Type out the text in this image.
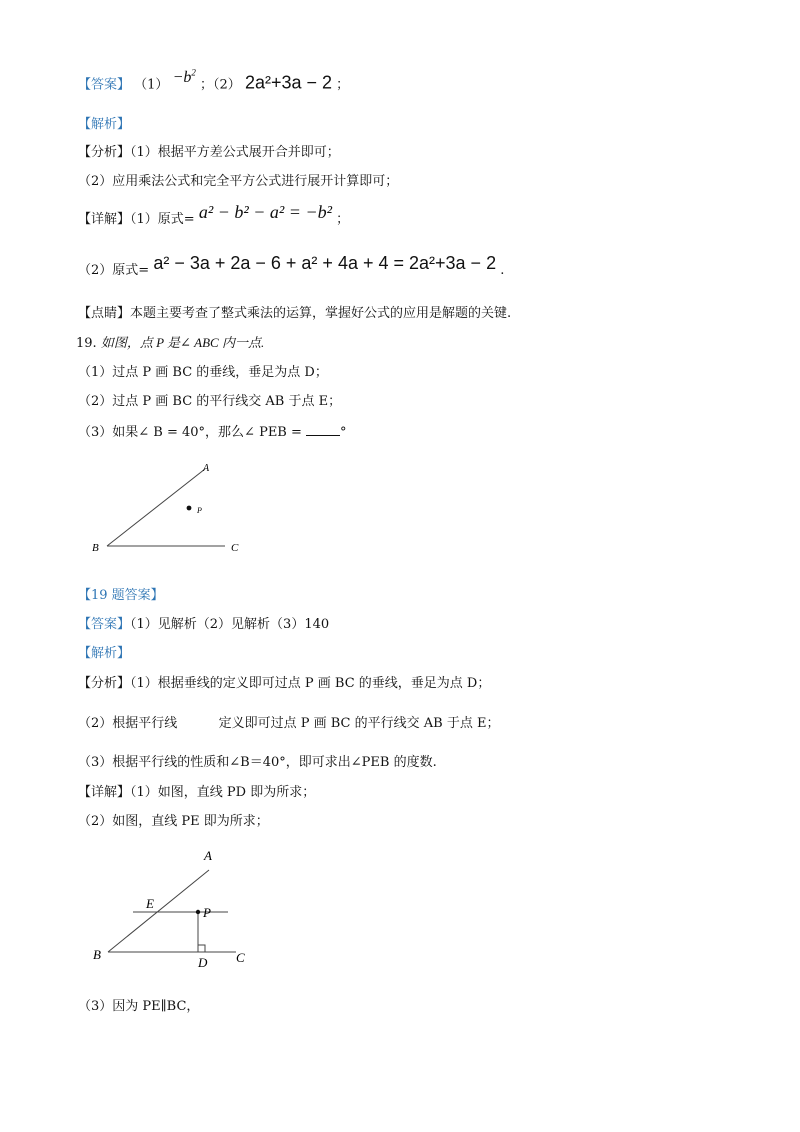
【答案】 $(1) -b^2$ ；（2） 2a²+3a − 2 ；
【解析】
【分析】（1）根据平方差公式展开合并即可；
（2）应用乘法公式和完全平方公式进行展开计算即可；
【详解】（1）原式= a² − b² − a² = −b² ；
（2）原式= a² − 3a + 2a − 6 + a² + 4a + 4 = 2a²+3a − 2 .
【点睛】本题主要考查了整式乘法的运算，掌握好公式的应用是解题的关键.
19. 如图，点 P 是∠ ABC 内一点.
（1）过点 P 画 BC 的垂线，垂足为点 D；
（2）过点 P 画 BC 的平行线交 AB 于点 E；
（3）如果∠ B = 40°，那么∠ PEB =	°
A
P
B	C
【19 题答案】
【答案】（1）见解析（2）见解析（3）140
【解析】
【分析】（1）根据垂线的定义即可过点 P 画 BC 的垂线，垂足为点 D；
（2）根据平行线          定义即可过点 P 画 BC 的平行线交 AB 于点 E；
（3）根据平行线的性质和∠B＝40°，即可求出∠PEB 的度数.
【详解】（1）如图，直线 PD 即为所求；
（2）如图，直线 PE 即为所求；
A
E
P
B
D C
（3）因为 PE∥BC，
